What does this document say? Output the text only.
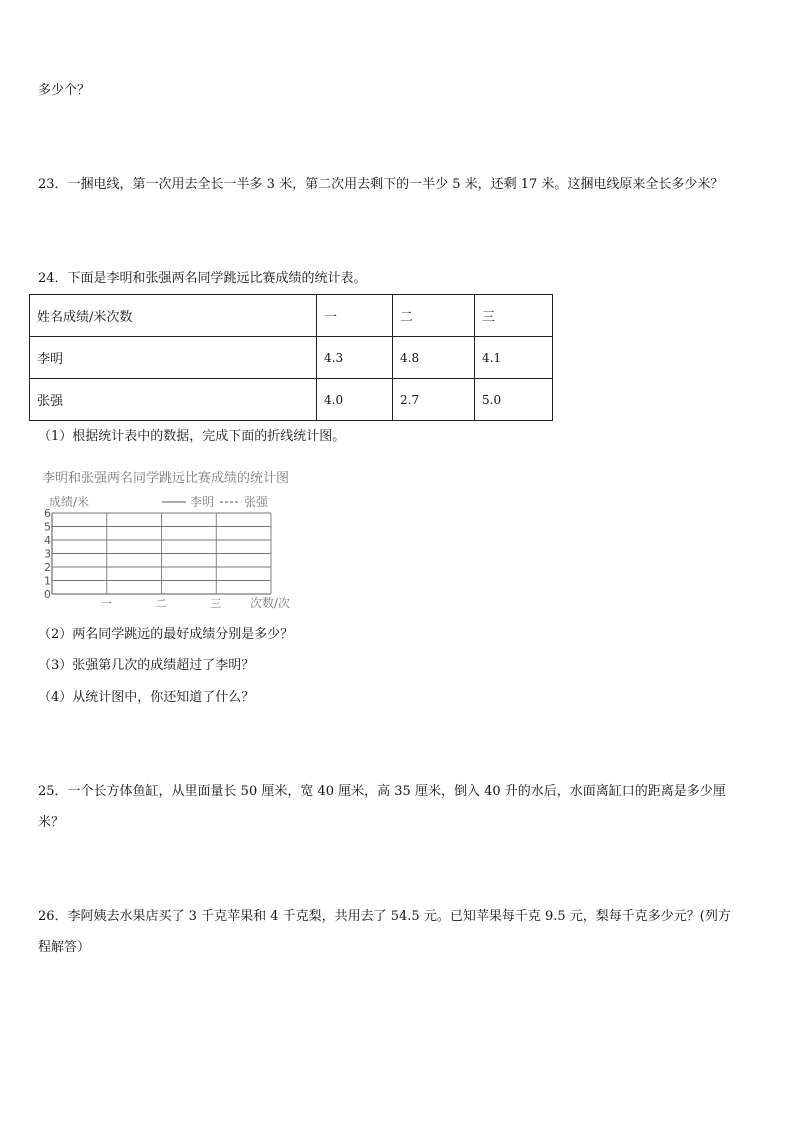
多少个？
23．一捆电线，第一次用去全长一半多 3 米，第二次用去剩下的一半少 5 米，还剩 17 米。这捆电线原来全长多少米？
24．下面是李明和张强两名同学跳远比赛成绩的统计表。
姓名成绩/米次数	一	二	三
李明	4.3	4.8	4.1
张强	4.0	2.7	5.0
（1）根据统计表中的数据，完成下面的折线统计图。
李明和张强两名同学跳远比赛成绩的统计图
成绩/米	李明 张强
0
1
2
3
4
5
6
一	二	三 次数/次
（2）两名同学跳远的最好成绩分别是多少？
（3）张强第几次的成绩超过了李明？
（4）从统计图中，你还知道了什么？
25．一个长方体鱼缸，从里面量长 50 厘米，宽 40 厘米，高 35 厘米，倒入 40 升的水后，水面离缸口的距离是多少厘
米？
26．李阿姨去水果店买了 3 千克苹果和 4 千克梨，共用去了 54.5 元。已知苹果每千克 9.5 元，梨每千克多少元？(列方
程解答）
